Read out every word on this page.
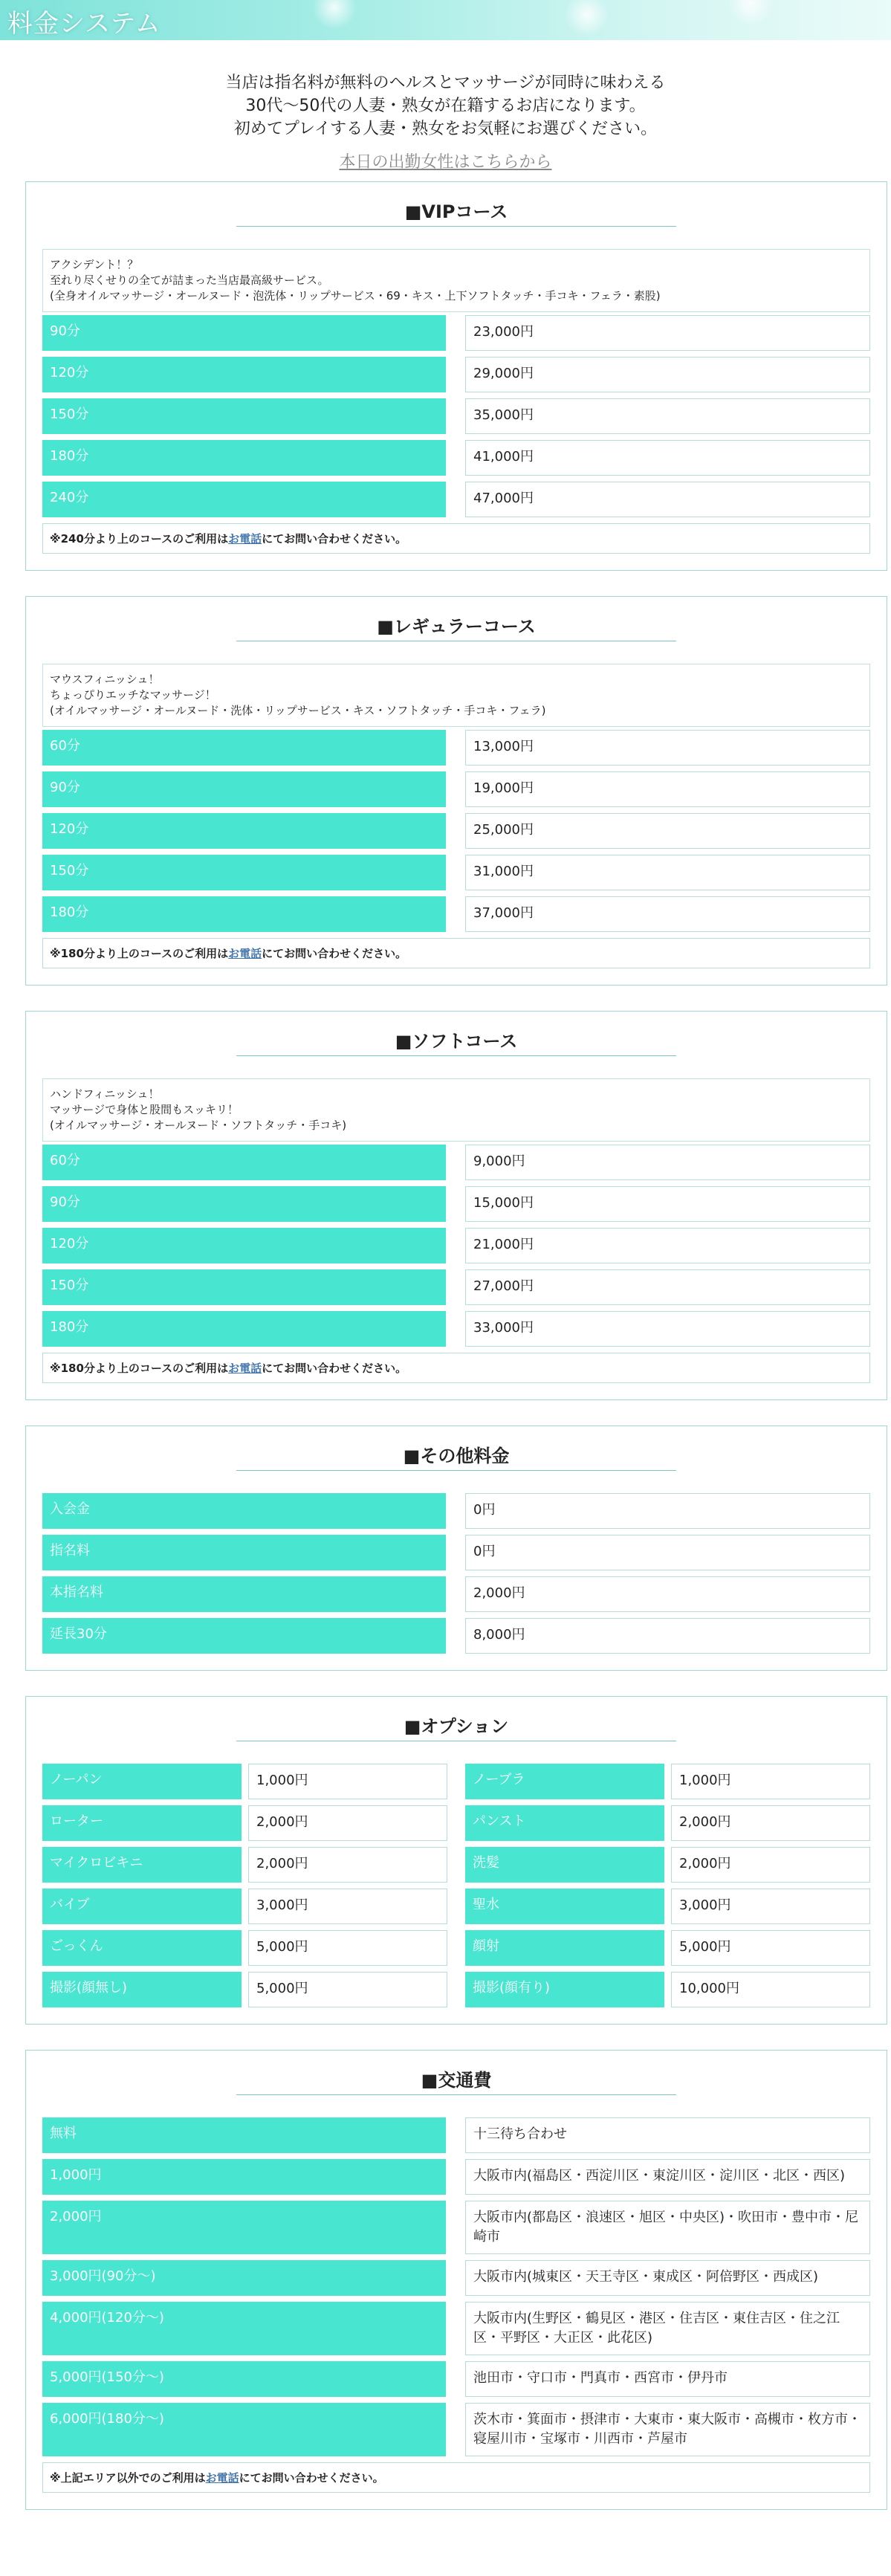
料金システム
当店は指名料が無料のヘルスとマッサージが同時に味わえる
30代～50代の人妻・熟女が在籍するお店になります。
初めてプレイする人妻・熟女をお気軽にお選びください。
本日の出勤女性はこちらから
■VIPコース
アクシデント！？
至れり尽くせりの全てが詰まった当店最高級サービス。
(全身オイルマッサージ・オールヌード・泡洗体・リップサービス・69・キス・上下ソフトタッチ・手コキ・フェラ・素股)
90分	23,000円
120分	29,000円
150分	35,000円
180分	41,000円
240分	47,000円
※240分より上のコースのご利用はお電話にてお問い合わせください。
■レギュラーコース
マウスフィニッシュ！
ちょっぴりエッチなマッサージ！
(オイルマッサージ・オールヌード・洗体・リップサービス・キス・ソフトタッチ・手コキ・フェラ)
60分	13,000円
90分	19,000円
120分	25,000円
150分	31,000円
180分	37,000円
※180分より上のコースのご利用はお電話にてお問い合わせください。
■ソフトコース
ハンドフィニッシュ！
マッサージで身体と股間もスッキリ！
(オイルマッサージ・オールヌード・ソフトタッチ・手コキ)
60分	9,000円
90分	15,000円
120分	21,000円
150分	27,000円
180分	33,000円
※180分より上のコースのご利用はお電話にてお問い合わせください。
■その他料金
入会金	0円
指名料	0円
本指名料	2,000円
延長30分	8,000円
■オプション
ノーパン	1,000円	ノーブラ	1,000円
ローター	2,000円	パンスト	2,000円
マイクロビキニ	2,000円	洗髪	2,000円
バイブ	3,000円	聖水	3,000円
ごっくん	5,000円	顔射	5,000円
撮影(顔無し)	5,000円	撮影(顔有り)	10,000円
■交通費
無料	十三待ち合わせ
1,000円	大阪市内(福島区・西淀川区・東淀川区・淀川区・北区・西区)
2,000円	大阪市内(都島区・浪速区・旭区・中央区)・吹田市・豊中市・尼崎市
3,000円(90分～)	大阪市内(城東区・天王寺区・東成区・阿倍野区・西成区)
4,000円(120分～)	大阪市内(生野区・鶴見区・港区・住吉区・東住吉区・住之江区・平野区・大正区・此花区)
5,000円(150分～)	池田市・守口市・門真市・西宮市・伊丹市
6,000円(180分～)	茨木市・箕面市・摂津市・大東市・東大阪市・高槻市・枚方市・寝屋川市・宝塚市・川西市・芦屋市
※上記エリア以外でのご利用はお電話にてお問い合わせください。
